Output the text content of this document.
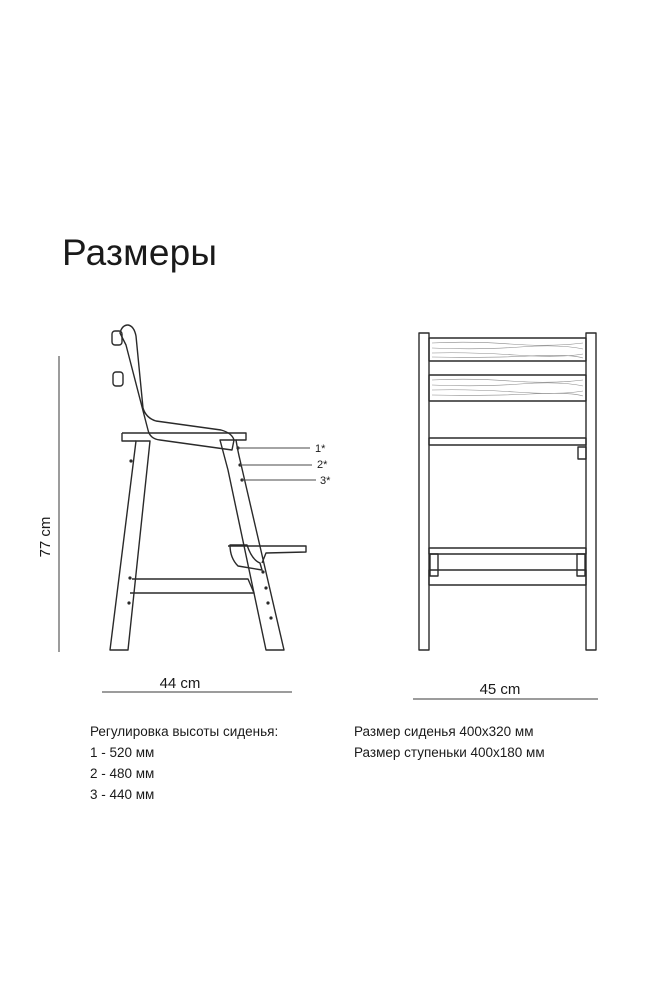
Размеры
1*
2*
3*
77 cm
44 cm	45 cm
Регулировка высоты сиденья:
1 - 520 мм
2 - 480 мм
3 - 440 мм
Размер сиденья 400x320 мм
Размер ступеньки 400x180 мм
